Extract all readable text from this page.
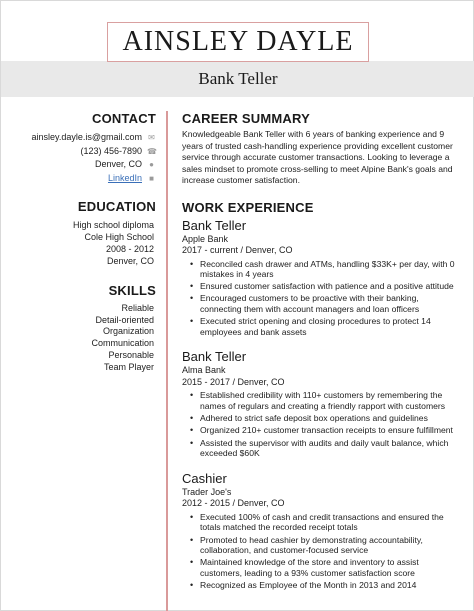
AINSLEY DAYLE
Bank Teller
CONTACT
ainsley.dayle.is@gmail.com ✉
(123) 456-7890 ☎
Denver, CO ●
LinkedIn ■
EDUCATION
High school diploma
Cole High School
2008 - 2012
Denver, CO
SKILLS
Reliable
Detail-oriented
Organization
Communication
Personable
Team Player
CAREER SUMMARY
Knowledgeable Bank Teller with 6 years of banking experience and 9 years of trusted cash-handling experience providing excellent customer service through accurate customer transactions. Looking to leverage a sales mindset to promote cross-selling to meet Alpine Bank's goals and increase customer satisfaction.
WORK EXPERIENCE
Bank Teller
Apple Bank
2017 - current / Denver, CO
• Reconciled cash drawer and ATMs, handling $33K+ per day, with 0 mistakes in 4 years
• Ensured customer satisfaction with patience and a positive attitude
• Encouraged customers to be proactive with their banking, connecting them with account managers and loan officers
• Executed strict opening and closing procedures to protect 14 employees and bank assets
Bank Teller
Alma Bank
2015 - 2017 / Denver, CO
• Established credibility with 110+ customers by remembering the names of regulars and creating a friendly rapport with customers
• Adhered to strict safe deposit box operations and guidelines
• Organized 210+ customer transaction receipts to ensure fulfillment
• Assisted the supervisor with audits and daily vault balance, which exceeded $60K
Cashier
Trader Joe's
2012 - 2015 / Denver, CO
• Executed 100% of cash and credit transactions and ensured the totals matched the recorded receipt totals
• Promoted to head cashier by demonstrating accountability, collaboration, and customer-focused service
• Maintained knowledge of the store and inventory to assist customers, leading to a 93% customer satisfaction score
• Recognized as Employee of the Month in 2013 and 2014
